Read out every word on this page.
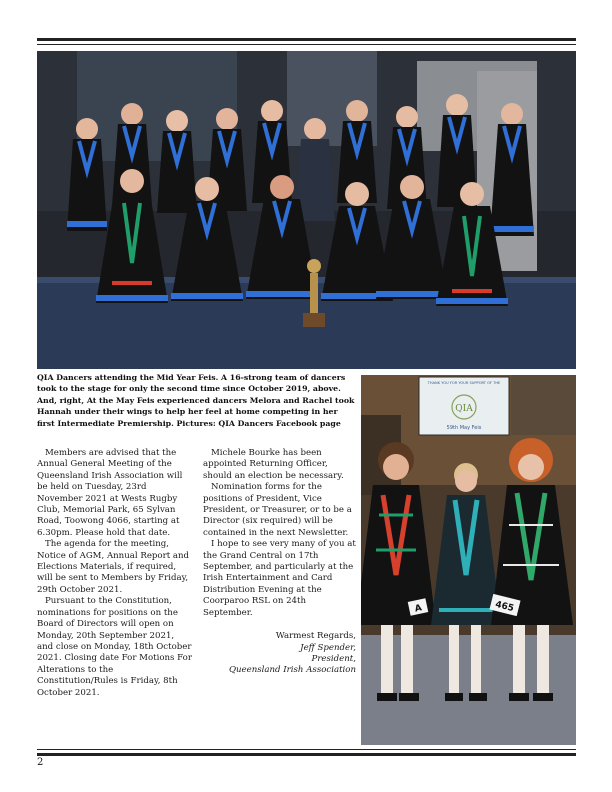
QIA Dancers attending the Mid Year Feis. A 16-strong team of dancers took to the stage for only the second time since October 2019, above. And, right, At the May Feis experienced dancers Melora and Rachel took Hannah under their wings to help her feel at home competing in her first Intermediate Premiership. Pictures: QIA Dancers Facebook page
THANK YOU FOR YOUR SUPPORT OF THE
QIA
59th May Feis
A	465

Members are advised that the Annual General Meeting of the Queensland Irish Association will be held on Tuesday, 23rd November 2021 at Wests Rugby Club, Memorial Park, 65 Sylvan Road, Toowong 4066, starting at 6.30pm. Please hold that date.

The agenda for the meeting, Notice of AGM, Annual Report and Elections Materials, if required, will be sent to Members by Friday, 29th October 2021.

Pursuant to the Constitution, nominations for positions on the Board of Directors will open on Monday, 20th September 2021, and close on Monday, 18th October 2021. Closing date For Motions For Alterations to the Constitution/Rules is Friday, 8th October 2021.

Michele Bourke has been appointed Returning Officer, should an election be necessary.

Nomination forms for the positions of President, Vice President, or Treasurer, or to be a Director (six required) will be contained in the next Newsletter.

I hope to see very many of you at the Grand Central on 17th September, and particularly at the Irish Entertainment and Card Distribution Evening at the Coorparoo RSL on 24th September.

Warmest Regards,
Jeff Spender,
President,
Queensland Irish Association
2
